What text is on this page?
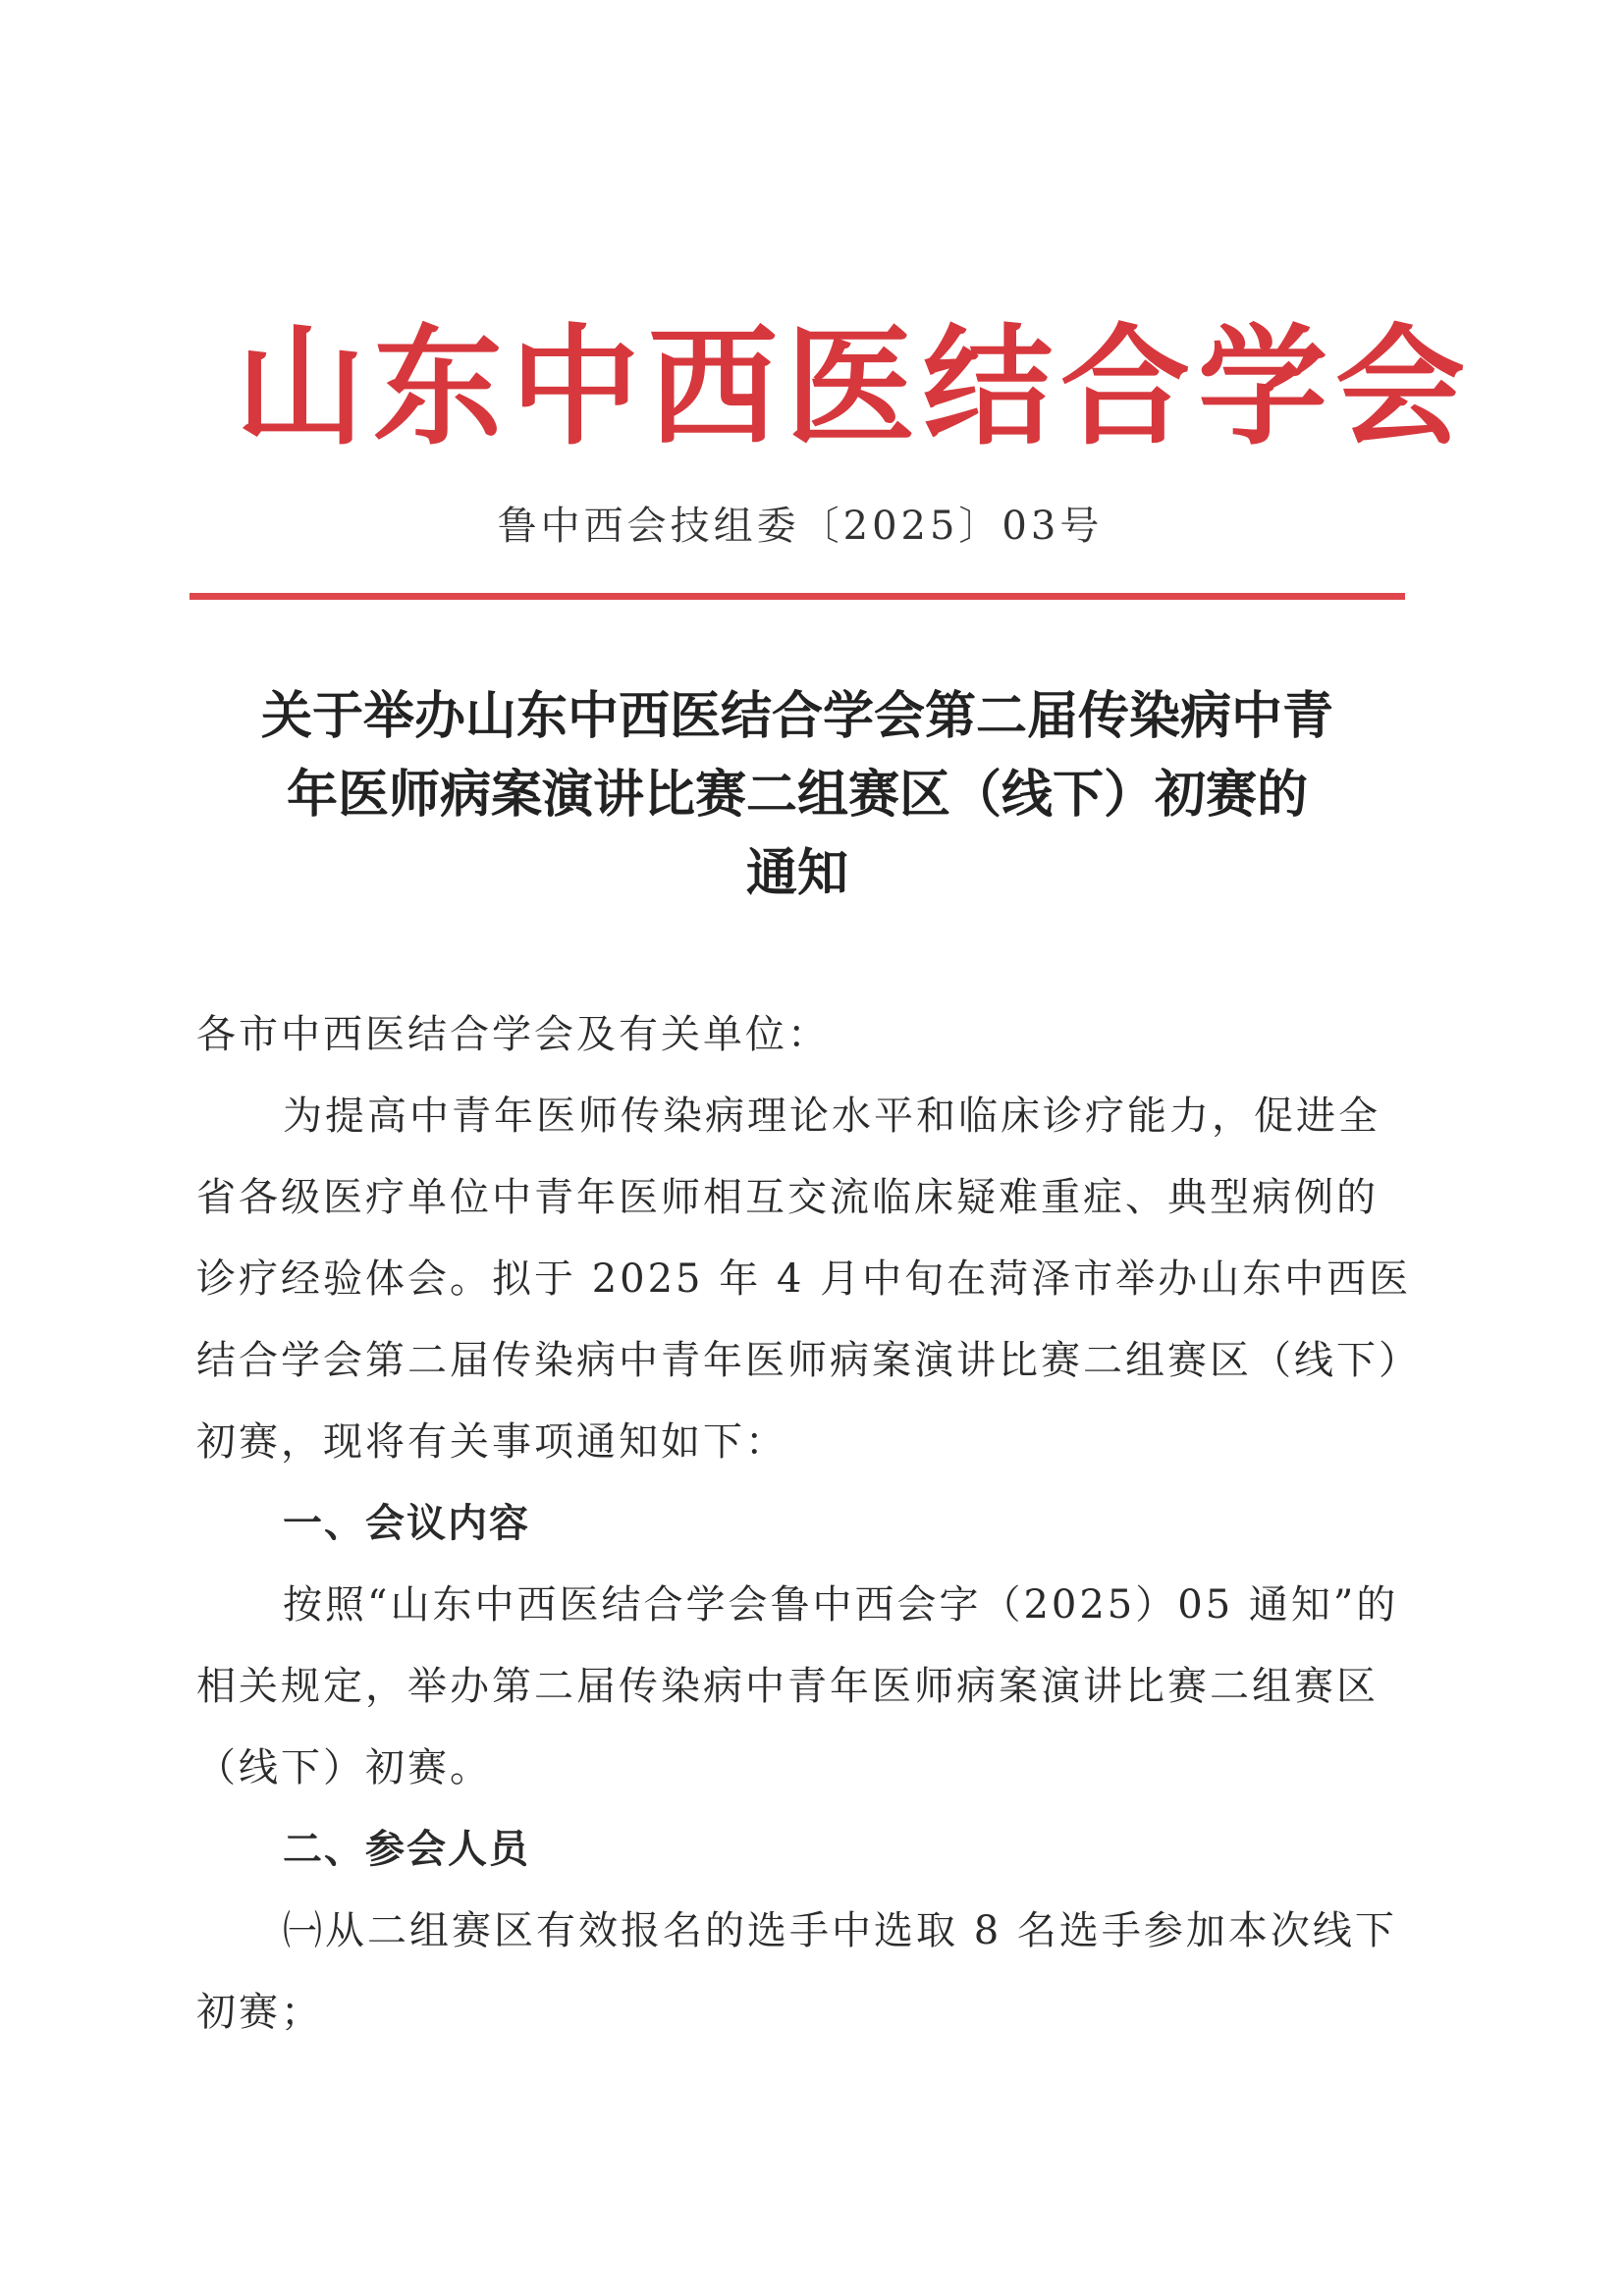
山东中西医结合学会
鲁中西会技组委〔2025〕03号
关于举办山东中西医结合学会第二届传染病中青
年医师病案演讲比赛二组赛区（线下）初赛的
通知

各市中西医结合学会及有关单位：

为提高中青年医师传染病理论水平和临床诊疗能力，促进全
省各级医疗单位中青年医师相互交流临床疑难重症、典型病例的
诊疗经验体会。拟于 2025 年 4 月中旬在菏泽市举办山东中西医
结合学会第二届传染病中青年医师病案演讲比赛二组赛区（线下）
初赛，现将有关事项通知如下：

一、会议内容

按照“山东中西医结合学会鲁中西会字（2025）05 通知”的
相关规定，举办第二届传染病中青年医师病案演讲比赛二组赛区
（线下）初赛。

二、参会人员

㈠从二组赛区有效报名的选手中选取 8 名选手参加本次线下
初赛；
